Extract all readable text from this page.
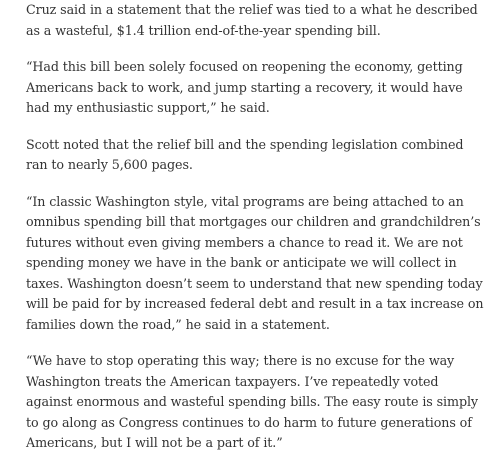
Cruz said in a statement that the relief was tied to a what he described as a wasteful, $1.4 trillion end-of-the-year spending bill.

“Had this bill been solely focused on reopening the economy, getting Americans back to work, and jump starting a recovery, it would have had my enthusiastic support,” he said.

Scott noted that the relief bill and the spending legislation combined ran to nearly 5,600 pages.

“In classic Washington style, vital programs are being attached to an omnibus spending bill that mortgages our children and grandchildren’s futures without even giving members a chance to read it. We are not spending money we have in the bank or anticipate we will collect in taxes. Washington doesn’t seem to understand that new spending today will be paid for by increased federal debt and result in a tax increase on families down the road,” he said in a statement.

“We have to stop operating this way; there is no excuse for the way Washington treats the American taxpayers. I’ve repeatedly voted against enormous and wasteful spending bills. The easy route is simply to go along as Congress continues to do harm to future generations of Americans, but I will not be a part of it.”
